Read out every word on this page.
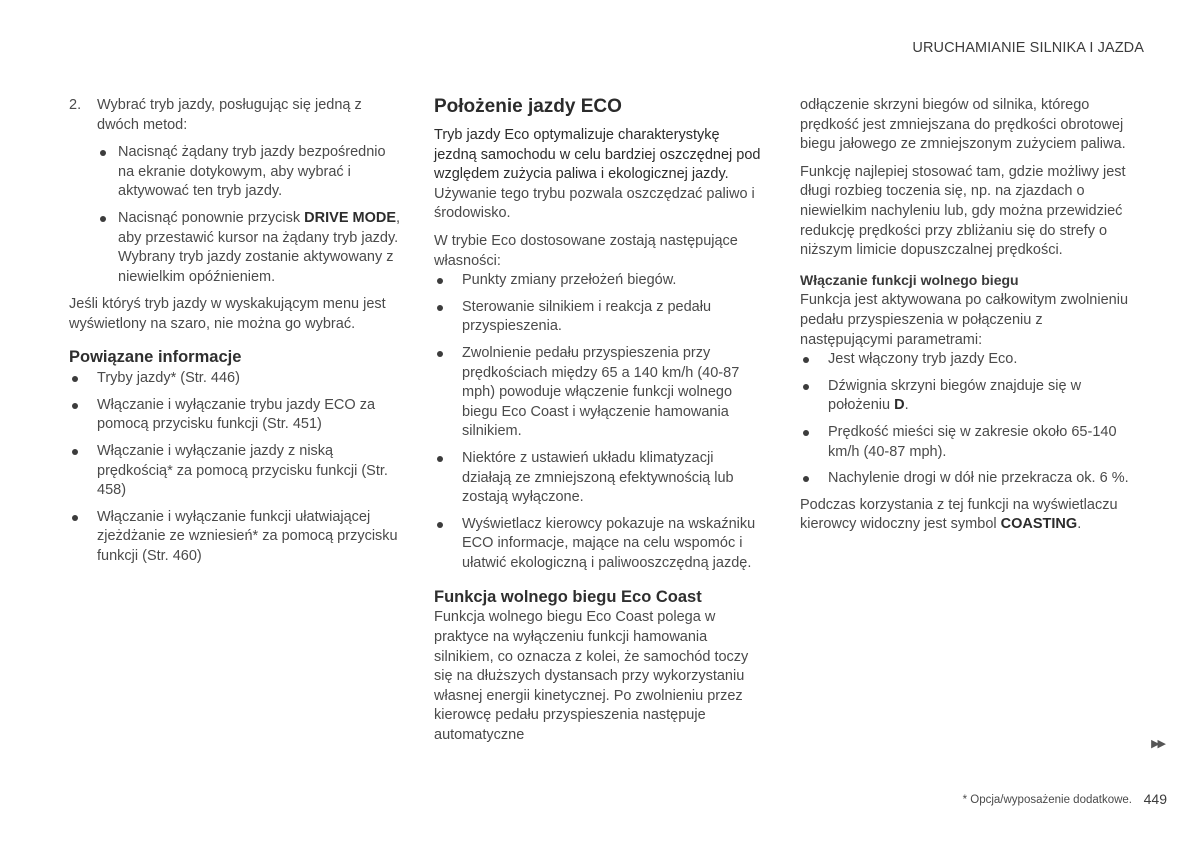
URUCHAMIANIE SILNIKA I JAZDA
2.	Wybrać tryb jazdy, posługując się jedną z dwóch metod:
Nacisnąć żądany tryb jazdy bezpośrednio na ekranie dotykowym, aby wybrać i aktywować ten tryb jazdy.
Nacisnąć ponownie przycisk DRIVE MODE, aby przestawić kursor na żądany tryb jazdy. Wybrany tryb jazdy zostanie aktywowany z niewielkim opóźnieniem.

Jeśli któryś tryb jazdy w wyskakującym menu jest wyświetlony na szaro, nie można go wybrać.

Powiązane informacje
Tryby jazdy* (Str. 446)
Włączanie i wyłączanie trybu jazdy ECO za pomocą przycisku funkcji (Str. 451)
Włączanie i wyłączanie jazdy z niską prędkością* za pomocą przycisku funkcji (Str. 458)
Włączanie i wyłączanie funkcji ułatwiającej zjeżdżanie ze wzniesień* za pomocą przycisku funkcji (Str. 460)
Położenie jazdy ECO

Tryb jazdy Eco optymalizuje charakterystykę jezdną samochodu w celu bardziej oszczędnej pod względem zużycia paliwa i ekologicznej jazdy.

Używanie tego trybu pozwala oszczędzać paliwo i środowisko.

W trybie Eco dostosowane zostają następujące własności:

Punkty zmiany przełożeń biegów.
Sterowanie silnikiem i reakcja z pedału przyspieszenia.
Zwolnienie pedału przyspieszenia przy prędkościach między 65 a 140 km/h (40-87 mph) powoduje włączenie funkcji wolnego biegu Eco Coast i wyłączenie hamowania silnikiem.
Niektóre z ustawień układu klimatyzacji działają ze zmniejszoną efektywnością lub zostają wyłączone.
Wyświetlacz kierowcy pokazuje na wskaźniku ECO informacje, mające na celu wspomóc i ułatwić ekologiczną i paliwooszczędną jazdę.
Funkcja wolnego biegu Eco Coast

Funkcja wolnego biegu Eco Coast polega w praktyce na wyłączeniu funkcji hamowania silnikiem, co oznacza z kolei, że samochód toczy się na dłuższych dystansach przy wykorzystaniu własnej energii kinetycznej. Po zwolnieniu przez kierowcę pedału przyspieszenia następuje automatyczne

odłączenie skrzyni biegów od silnika, którego prędkość jest zmniejszana do prędkości obrotowej biegu jałowego ze zmniejszonym zużyciem paliwa.

Funkcję najlepiej stosować tam, gdzie możliwy jest długi rozbieg toczenia się, np. na zjazdach o niewielkim nachyleniu lub, gdy można przewidzieć redukcję prędkości przy zbliżaniu się do strefy o niższym limicie dopuszczalnej prędkości.

Włączanie funkcji wolnego biegu

Funkcja jest aktywowana po całkowitym zwolnieniu pedału przyspieszenia w połączeniu z następującymi parametrami:

Jest włączony tryb jazdy Eco.
Dźwignia skrzyni biegów znajduje się w położeniu D.
Prędkość mieści się w zakresie około 65-140 km/h (40-87 mph).
Nachylenie drogi w dół nie przekracza ok. 6 %.

Podczas korzystania z tej funkcji na wyświetlaczu kierowcy widoczny jest symbol COASTING.

▶▶
* Opcja/wyposażenie dodatkowe. 449
